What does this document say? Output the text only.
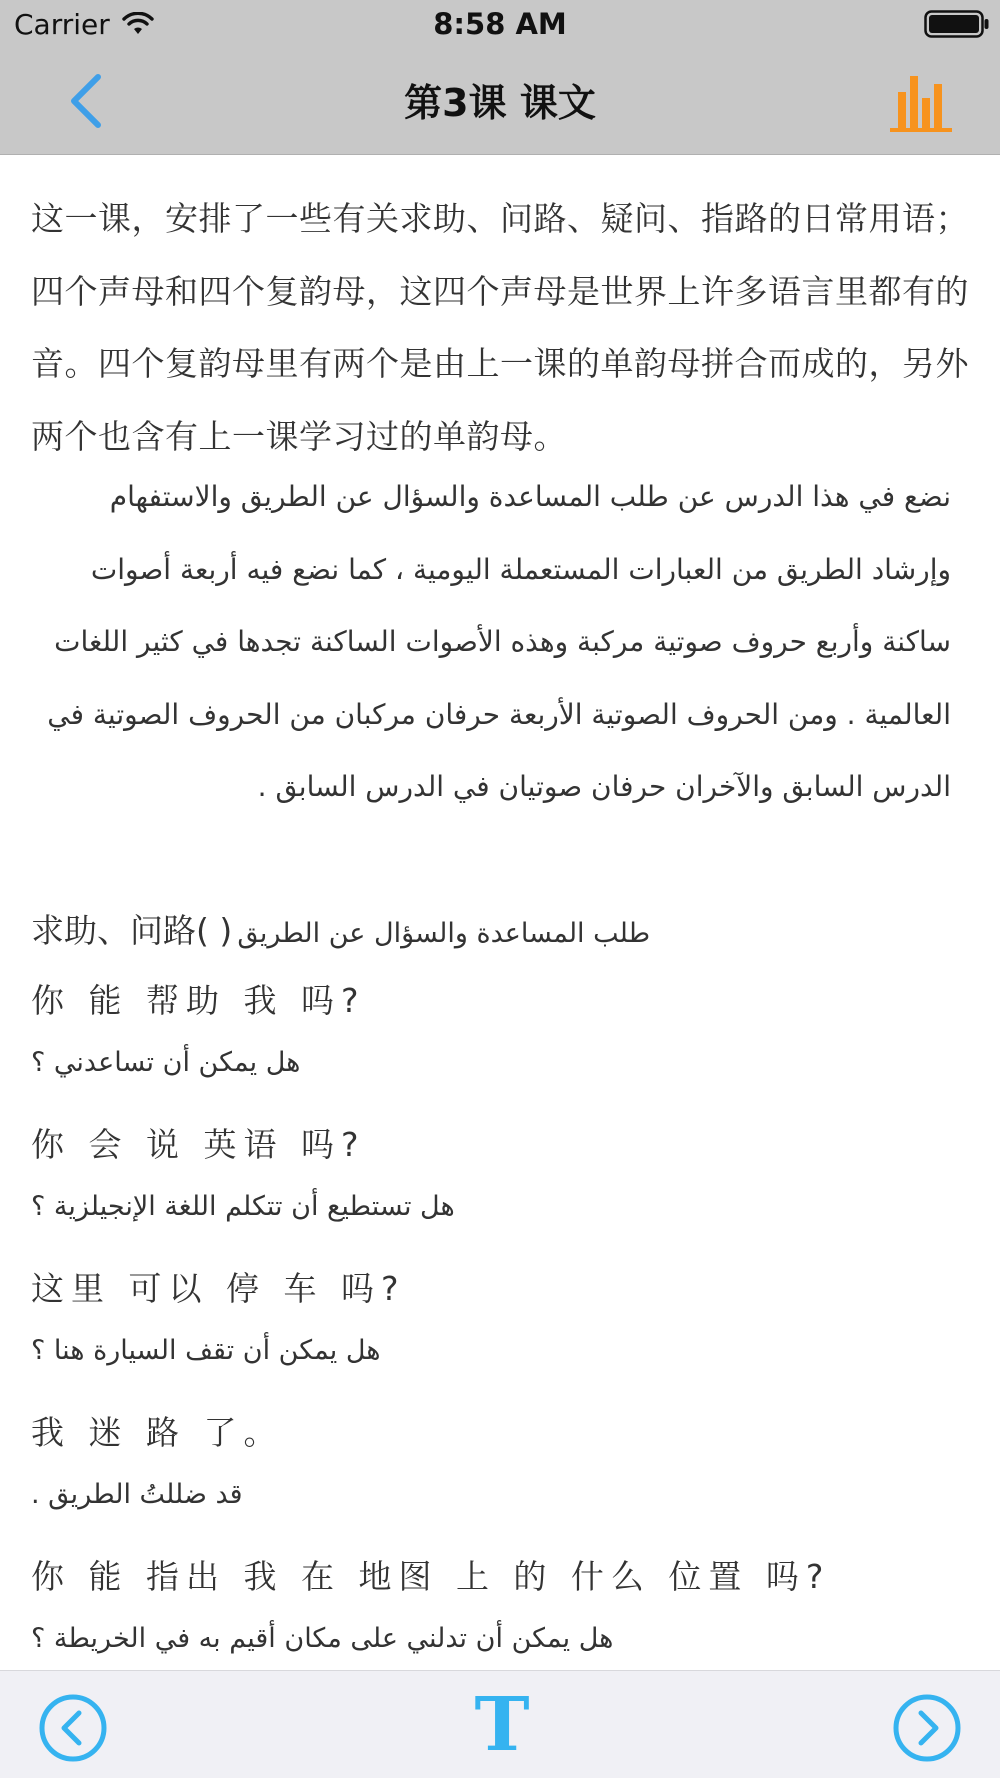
Carrier	8:58 AM
第3课 课文
这一课，安排了一些有关求助、问路、疑问、指路的日常用语；四个声母和四个复韵母，这四个声母是世界上许多语言里都有的音。四个复韵母里有两个是由上一课的单韵母拼合而成的，另外两个也含有上一课学习过的单韵母。
نضع في هذا الدرس عن طلب المساعدة والسؤال عن الطريق والاستفهام وإرشاد الطريق من العبارات المستعملة اليومية ، كما نضع فيه أربعة أصوات ساكنة وأربع حروف صوتية مركبة وهذه الأصوات الساكنة تجدها في كثير اللغات العالمية . ومن الحروف الصوتية الأربعة حرفان مركبان من الحروف الصوتية في الدرس السابق والآخران حرفان صوتيان في الدرس السابق .
求助、问路( ) طلب المساعدة والسؤال عن الطريق
你 能 帮助 我 吗?
هل يمكن أن تساعدني ؟
你 会 说 英语 吗?
هل تستطيع أن تتكلم اللغة الإنجيلزية ؟
这里 可以 停 车 吗?
هل يمكن أن تقف السيارة هنا ؟
我 迷 路 了。
قد ضللتُ الطريق .
你 能 指出 我 在 地图 上 的 什么 位置 吗?
هل يمكن أن تدلني على مكان أقيم به في الخريطة ؟
T
